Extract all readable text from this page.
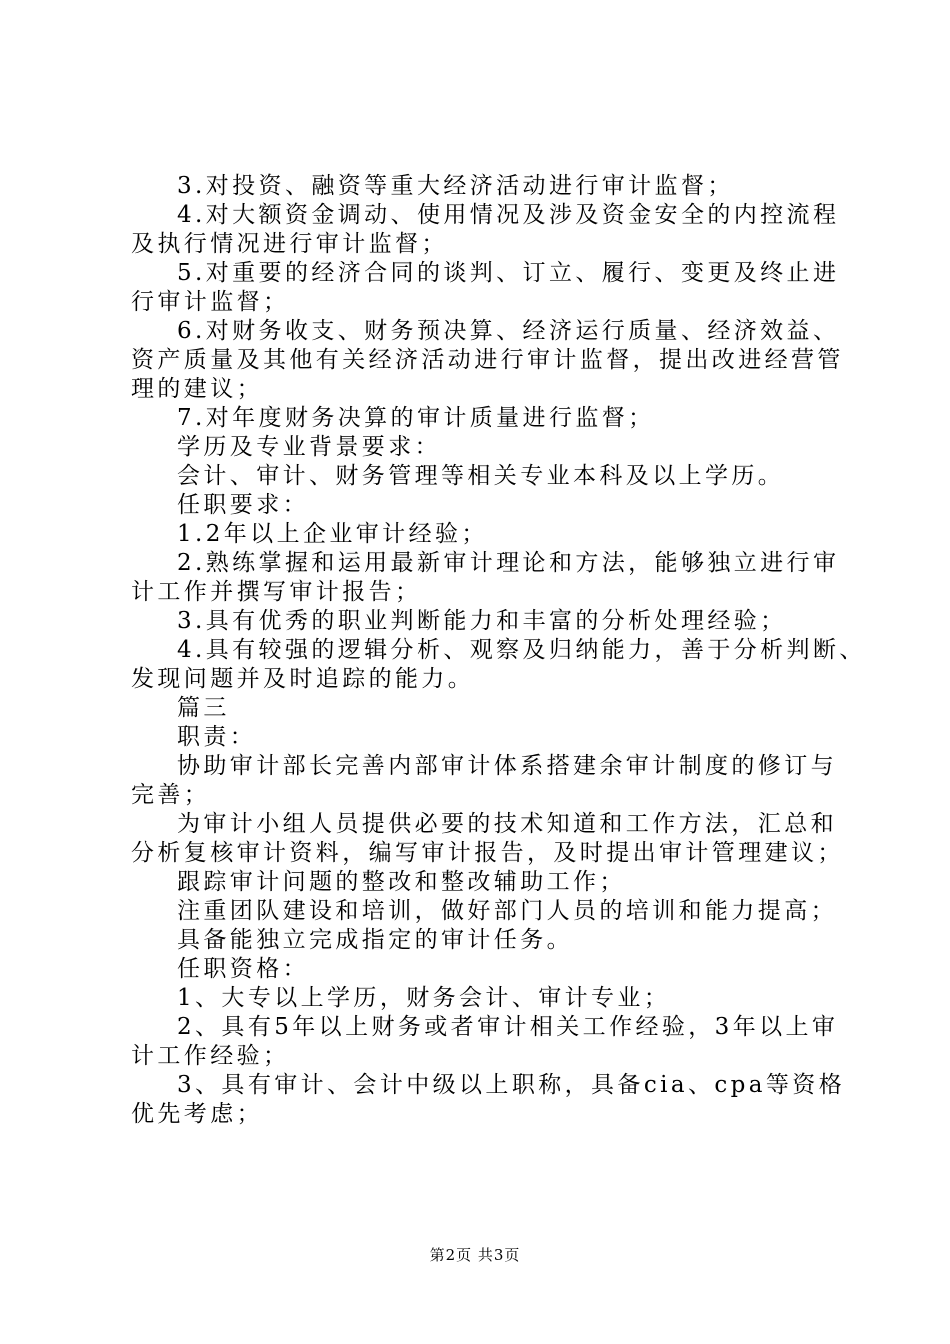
3.对投资、融资等重大经济活动进行审计监督；
4.对大额资金调动、使用情况及涉及资金安全的内控流程
及执行情况进行审计监督；
5.对重要的经济合同的谈判、订立、履行、变更及终止进
行审计监督；
6.对财务收支、财务预决算、经济运行质量、经济效益、
资产质量及其他有关经济活动进行审计监督，提出改进经营管
理的建议；
7.对年度财务决算的审计质量进行监督；
学历及专业背景要求：
会计、审计、财务管理等相关专业本科及以上学历。
任职要求：
1.2年以上企业审计经验；
2.熟练掌握和运用最新审计理论和方法，能够独立进行审
计工作并撰写审计报告；
3.具有优秀的职业判断能力和丰富的分析处理经验；
4.具有较强的逻辑分析、观察及归纳能力，善于分析判断、
发现问题并及时追踪的能力。
篇三
职责：
协助审计部长完善内部审计体系搭建余审计制度的修订与
完善；
为审计小组人员提供必要的技术知道和工作方法，汇总和
分析复核审计资料，编写审计报告，及时提出审计管理建议；
跟踪审计问题的整改和整改辅助工作；
注重团队建设和培训，做好部门人员的培训和能力提高；
具备能独立完成指定的审计任务。
任职资格：
1、大专以上学历，财务会计、审计专业；
2、具有5年以上财务或者审计相关工作经验，3年以上审
计工作经验；
3、具有审计、会计中级以上职称，具备cia、cpa等资格
优先考虑；
第2页 共3页
